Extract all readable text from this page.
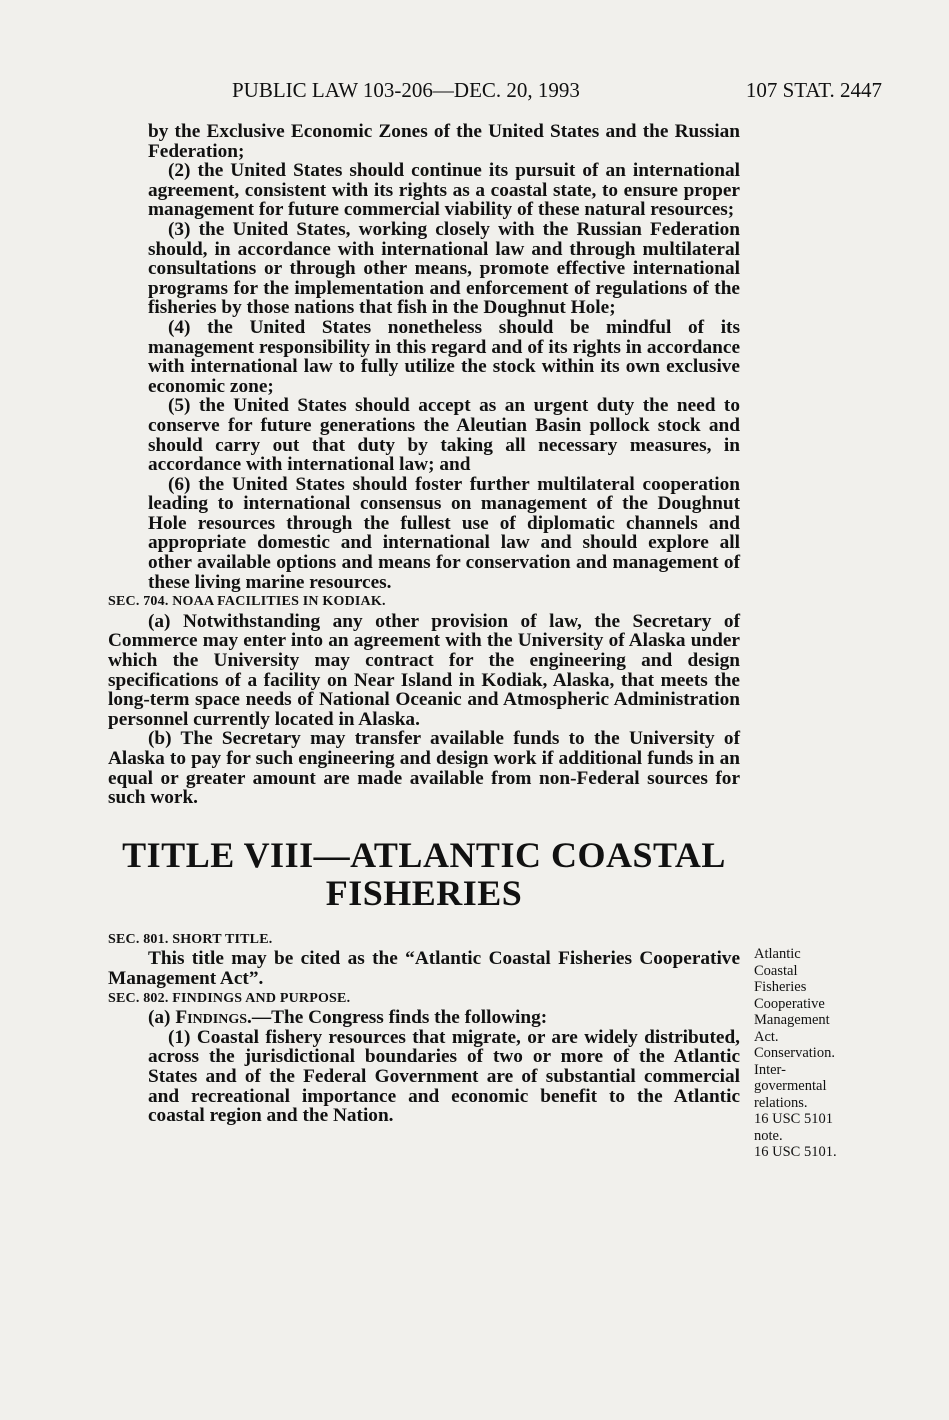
PUBLIC LAW 103-206—DEC. 20, 1993	107 STAT. 2447

by the Exclusive Economic Zones of the United States and the Russian Federation;

(2) the United States should continue its pursuit of an international agreement, consistent with its rights as a coastal state, to ensure proper management for future commercial viability of these natural resources;

(3) the United States, working closely with the Russian Federation should, in accordance with international law and through multilateral consultations or through other means, promote effective international programs for the implementation and enforcement of regulations of the fisheries by those nations that fish in the Doughnut Hole;

(4) the United States nonetheless should be mindful of its management responsibility in this regard and of its rights in accordance with international law to fully utilize the stock within its own exclusive economic zone;

(5) the United States should accept as an urgent duty the need to conserve for future generations the Aleutian Basin pollock stock and should carry out that duty by taking all necessary measures, in accordance with international law; and

(6) the United States should foster further multilateral cooperation leading to international consensus on management of the Doughnut Hole resources through the fullest use of diplomatic channels and appropriate domestic and international law and should explore all other available options and means for conservation and management of these living marine resources.

SEC. 704. NOAA FACILITIES IN KODIAK.

(a) Notwithstanding any other provision of law, the Secretary of Commerce may enter into an agreement with the University of Alaska under which the University may contract for the engineering and design specifications of a facility on Near Island in Kodiak, Alaska, that meets the long-term space needs of National Oceanic and Atmospheric Administration personnel currently located in Alaska.

(b) The Secretary may transfer available funds to the University of Alaska to pay for such engineering and design work if additional funds in an equal or greater amount are made available from non-Federal sources for such work.

TITLE VIII—ATLANTIC COASTAL
FISHERIES

SEC. 801. SHORT TITLE.

This title may be cited as the “Atlantic Coastal Fisheries Cooperative Management Act”.

SEC. 802. FINDINGS AND PURPOSE.

(a) Findings.—The Congress finds the following:

(1) Coastal fishery resources that migrate, or are widely distributed, across the jurisdictional boundaries of two or more of the Atlantic States and of the Federal Government are of substantial commercial and recreational importance and economic benefit to the Atlantic coastal region and the Nation.

Atlantic
Coastal
Fisheries
Cooperative
Management
Act.
Conservation.
Inter-
govermental
relations.
16 USC 5101
note.
16 USC 5101.
